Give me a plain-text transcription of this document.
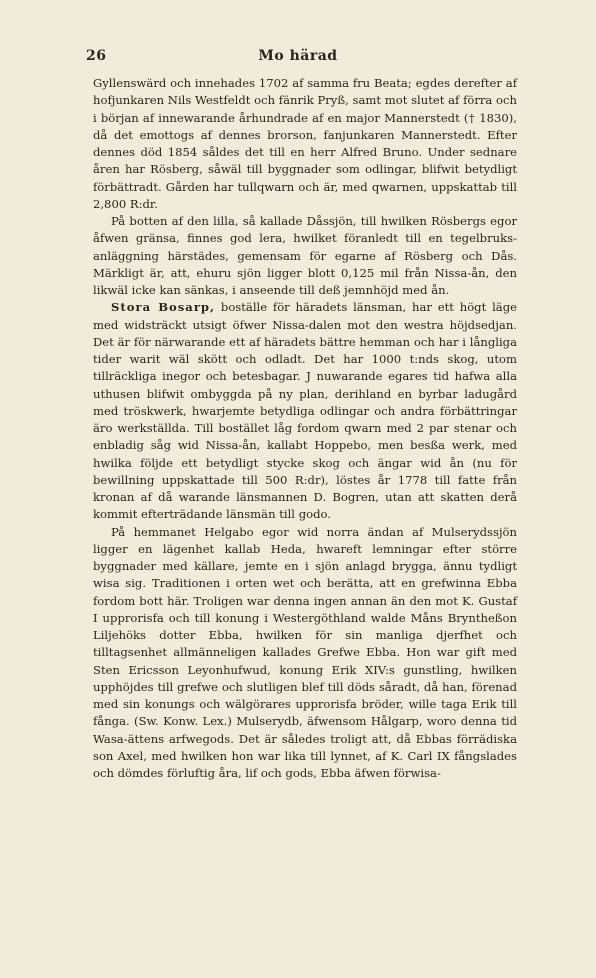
26	Mo härad

Gyllenswärd och innehades 1702 af samma fru Beata; egdes derefter af hofjunkaren Nils Westfeldt och fänrik Pryß, samt mot slutet af förra och i början af innewarande århundrade af en major Mannerstedt († 1830), då det emottogs af dennes brorson, fanjunkaren Mannerstedt. Efter dennes död 1854 såldes det till en herr Alfred Bruno. Under sednare åren har Rösberg, såwäl till byggnader som odlingar, blifwit betydligt förbättradt. Gården har tullqwarn och är, med qwarnen, uppskattab till 2,800 R:dr.

På botten af den lilla, så kallade Dåssjön, till hwilken Rösbergs egor åfwen gränsa, finnes god lera, hwilket föranledt till en tegelbruks-anläggning härstädes, gemensam för egarne af Rösberg och Dås. Märkligt är, att, ehuru sjön ligger blott 0,125 mil från Nissa-ån, den likwäl icke kan sänkas, i anseende till deß jemnhöjd med ån.

Stora Bosarp, boställe för häradets länsman, har ett högt läge med widsträckt utsigt öfwer Nissa-dalen mot den westra höjdsedjan. Det är för närwarande ett af häradets bättre hemman och har i långliga tider warit wäl skött och odladt. Det har 1000 t:nds skog, utom tillräckliga inegor och betesbagar. J nuwarande egares tid hafwa alla uthusen blifwit ombyggda på ny plan, derihland en byrbar ladugård med tröskwerk, hwarjemte betydliga odlingar och andra förbättringar äro werkställda. Till bostället låg fordom qwarn med 2 par stenar och enbladig såg wid Nissa-ån, kallabt Hoppebo, men besßa werk, med hwilka följde ett betydligt stycke skog och ängar wid ån (nu för bewillning uppskattade till 500 R:dr), löstes år 1778 till fatte från kronan af då warande länsmannen D. Bogren, utan att skatten derå kommit efterträdande länsmän till godo.

På hemmanet Helgabo egor wid norra ändan af Mulserydssjön ligger en lägenhet kallab Heda, hwareft lemningar efter större byggnader med källare, jemte en i sjön anlagd brygga, ännu tydligt wisa sig. Traditionen i orten wet och berätta, att en grefwinna Ebba fordom bott här. Troligen war denna ingen annan än den mot K. Gustaf I upprorisfa och till konung i Westergöthland walde Måns Bryntheßon Liljehöks dotter Ebba, hwilken för sin manliga djerfhet och tilltagsenhet allmänneligen kallades Grefwe Ebba. Hon war gift med Sten Ericsson Leyonhufwud, konung Erik XIV:s gunstling, hwilken upphöjdes till grefwe och slutligen blef till döds såradt, då han, förenad med sin konungs och wälgörares upprorisfa bröder, wille taga Erik till fånga. (Sw. Konw. Lex.) Mulserydb, äfwensom Hålgarp, woro denna tid Wasa-ättens arfwegods. Det är således troligt att, då Ebbas förrädiska son Axel, med hwilken hon war lika till lynnet, af K. Carl IX fångslades och dömdes förluftig åra, lif och gods, Ebba äfwen förwisa-
